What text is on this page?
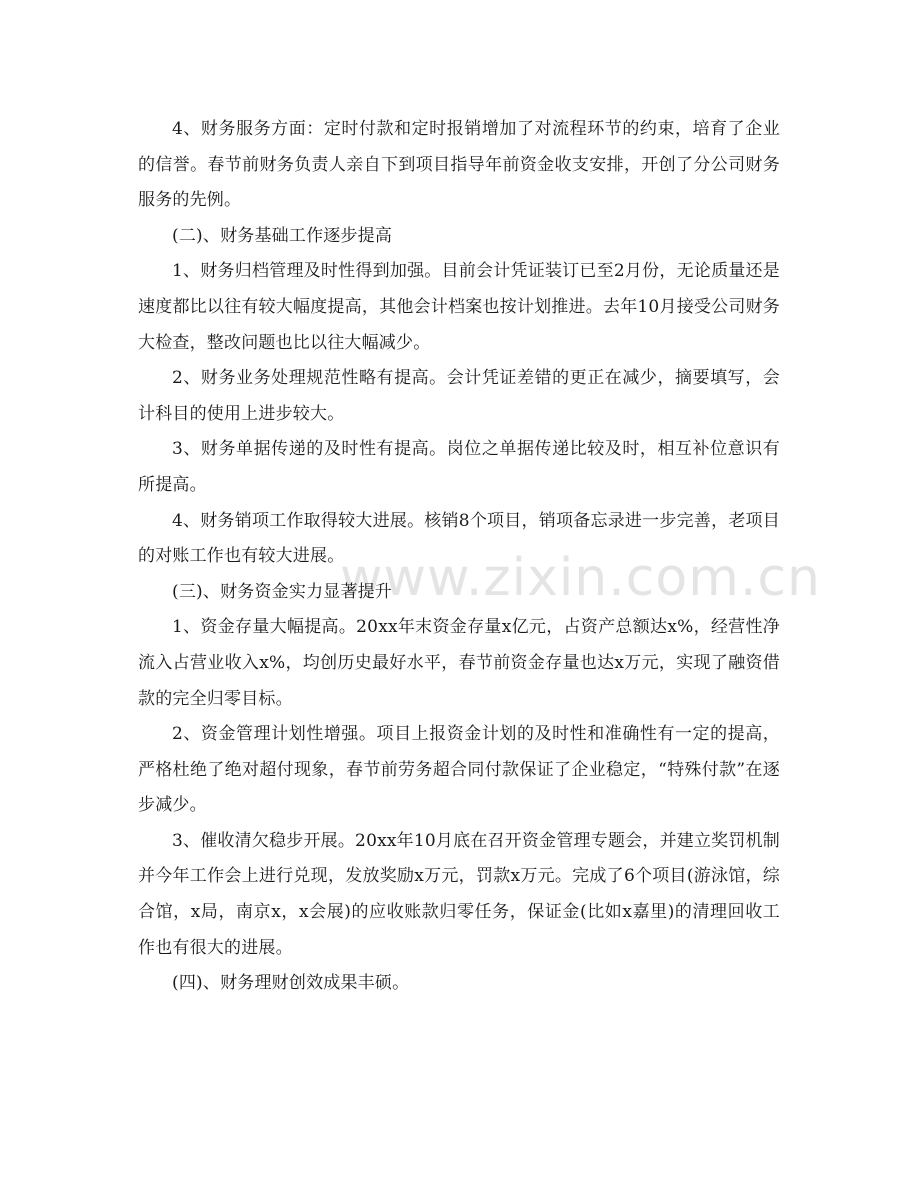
www.zixin.com.cn

4、财务服务方面：定时付款和定时报销增加了对流程环节的约束，培育了企业的信誉。春节前财务负责人亲自下到项目指导年前资金收支安排，开创了分公司财务服务的先例。

(二)、财务基础工作逐步提高

1、财务归档管理及时性得到加强。目前会计凭证装订已至2月份，无论质量还是速度都比以往有较大幅度提高，其他会计档案也按计划推进。去年10月接受公司财务大检查，整改问题也比以往大幅减少。

2、财务业务处理规范性略有提高。会计凭证差错的更正在减少，摘要填写，会计科目的使用上进步较大。

3、财务单据传递的及时性有提高。岗位之单据传递比较及时，相互补位意识有所提高。

4、财务销项工作取得较大进展。核销8个项目，销项备忘录进一步完善，老项目的对账工作也有较大进展。

(三)、财务资金实力显著提升

1、资金存量大幅提高。20xx年末资金存量x亿元，占资产总额达x%，经营性净流入占营业收入x%，均创历史最好水平，春节前资金存量也达x万元，实现了融资借款的完全归零目标。

2、资金管理计划性增强。项目上报资金计划的及时性和准确性有一定的提高，严格杜绝了绝对超付现象，春节前劳务超合同付款保证了企业稳定，“特殊付款”在逐步减少。

3、催收清欠稳步开展。20xx年10月底在召开资金管理专题会，并建立奖罚机制并今年工作会上进行兑现，发放奖励x万元，罚款x万元。完成了6个项目(游泳馆，综合馆，x局，南京x，x会展)的应收账款归零任务，保证金(比如x嘉里)的清理回收工作也有很大的进展。

(四)、财务理财创效成果丰硕。
